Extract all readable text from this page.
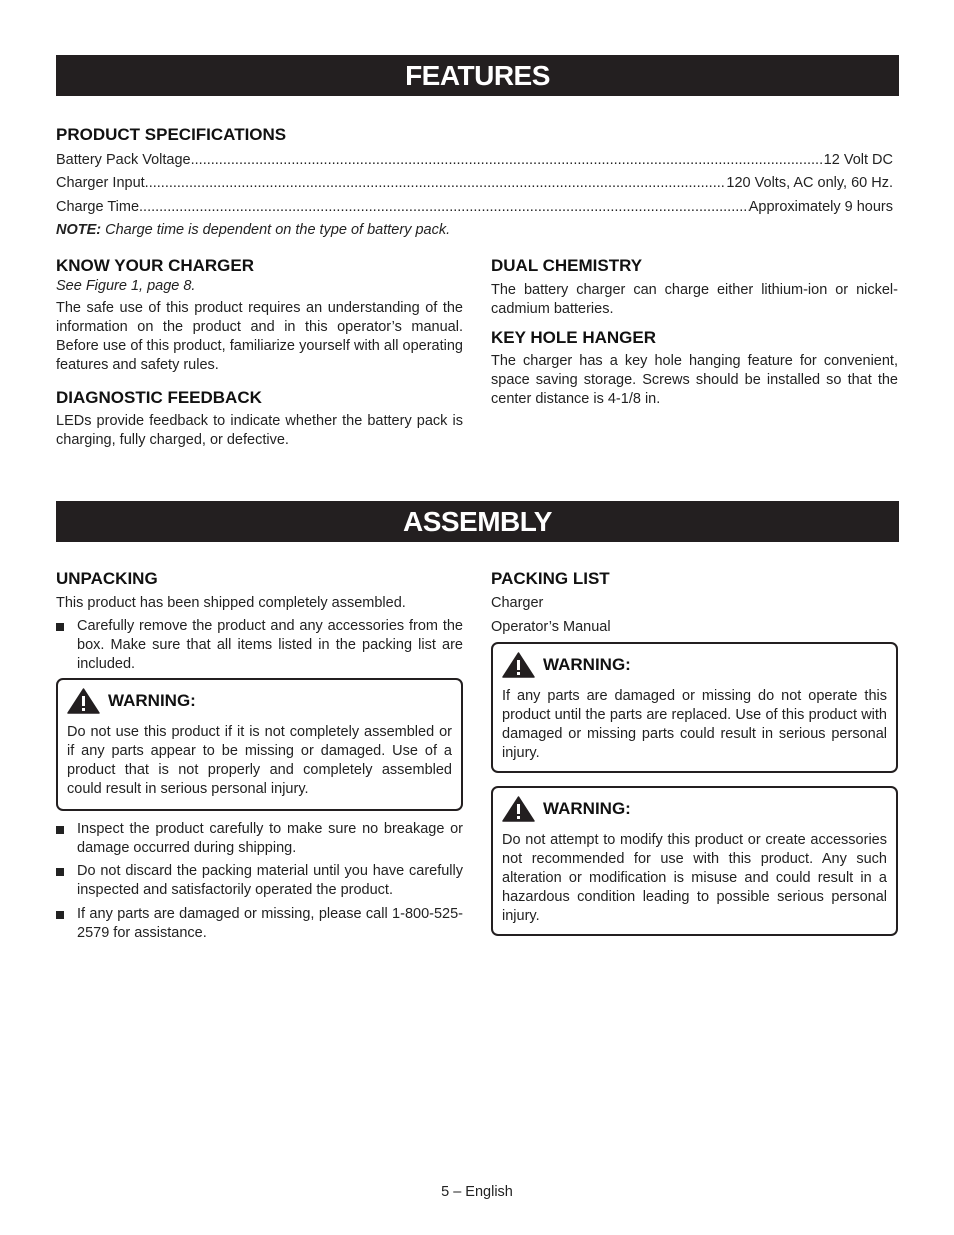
FEATURES
PRODUCT SPECIFICATIONS
Battery Pack Voltage .....	12 Volt DC
Charger Input .....	120 Volts, AC only, 60 Hz.
Charge Time .....	Approximately 9 hours
NOTE: Charge time is dependent on the type of battery pack.
KNOW YOUR CHARGER
See Figure 1, page 8.
The safe use of this product requires an understanding of the information on the product and in this operator’s manual. Before use of this product, familiarize yourself with all operating features and safety rules.
DIAGNOSTIC FEEDBACK
LEDs provide feedback to indicate whether the battery pack is charging, fully charged, or defective.
DUAL CHEMISTRY
The battery charger can charge either lithium-ion or nickel-cadmium batteries.
KEY HOLE HANGER
The charger has a key hole hanging feature for convenient, space saving storage. Screws should be installed so that the center distance is 4-1/8 in.
ASSEMBLY
UNPACKING
This product has been shipped completely assembled.
Carefully remove the product and any accessories from the box. Make sure that all items listed in the packing list are included.
WARNING:
Do not use this product if it is not completely assembled or if any parts appear to be missing or damaged. Use of a product that is not properly and completely assembled could result in serious personal injury.
Inspect the product carefully to make sure no breakage or damage occurred during shipping.
Do not discard the packing material until you have carefully inspected and satisfactorily operated the product.
If any parts are damaged or missing, please call 1-800-525-2579 for assistance.
PACKING LIST
Charger
Operator’s Manual
WARNING:
If any parts are damaged or missing do not operate this product until the parts are replaced. Use of this product with damaged or missing parts could result in serious personal injury.
WARNING:
Do not attempt to modify this product or create accessories not recommended for use with this product. Any such alteration or modification is misuse and could result in a hazardous condition leading to possible serious personal injury.
5 – English
